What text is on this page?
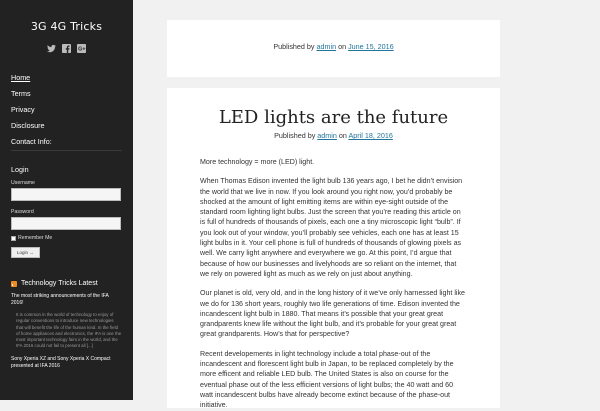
3G 4G Tricks
G+
Home
Terms
Privacy
Disclosure
Contact Info:
Login
Username
Password
Remember Me
Login →
Technology Tricks Latest
The most striking announcements of the IFA 2016!
It is common in the world of technology to enjoy of regular conventions to introduce new technologies that will benefit the life of the human kind. In the field of home appliances and electronics, the IFA is one the most important technology fairs in the world, and the IFA 2016 could not fail to present all [...]
Sony Xperia XZ and Sony Xperia X Compact presented at IFA 2016
Published by admin on June 15, 2016
LED lights are the future
Published by admin on April 18, 2016

More technology = more (LED) light.

When Thomas Edison invented the light bulb 136 years ago, I bet he didn’t envision the world that we live in now. If you look around you right now, you’d probably be shocked at the amount of light emitting items are within eye-sight outside of the standard room lighting light bulbs. Just the screen that you’re reading this article on is full of hundreds of thousands of pixels, each one a tiny microscopic light “bulb”. If you look out of your window, you’ll probably see vehicles, each one has at least 15 light bulbs in it. Your cell phone is full of hundreds of thousands of glowing pixels as well. We carry light anywhere and everywhere we go. At this point, I’d argue that because of how our businesses and livelyhoods are so reliant on the internet, that we rely on powered light as much as we rely on just about anything.

Our planet is old, very old, and in the long history of it we’ve only harnessed light like we do for 136 short years, roughly two life generations of time. Edison invented the incandescent light bulb in 1880. That means it’s possible that your great great grandparents knew life without the light bulb, and it’s probable for your great great great grandparents. How’s that for perspective?

Recent developements in light technology include a total phase-out of the incandescent and florescent light bulb in Japan, to be replaced completely by the more efficent and reliable LED bulb. The United States is also on course for the eventual phase out of the less efficient versions of light bulbs; the 40 watt and 60 watt incandescent bulbs have already become extinct because of the phase-out initiative.
